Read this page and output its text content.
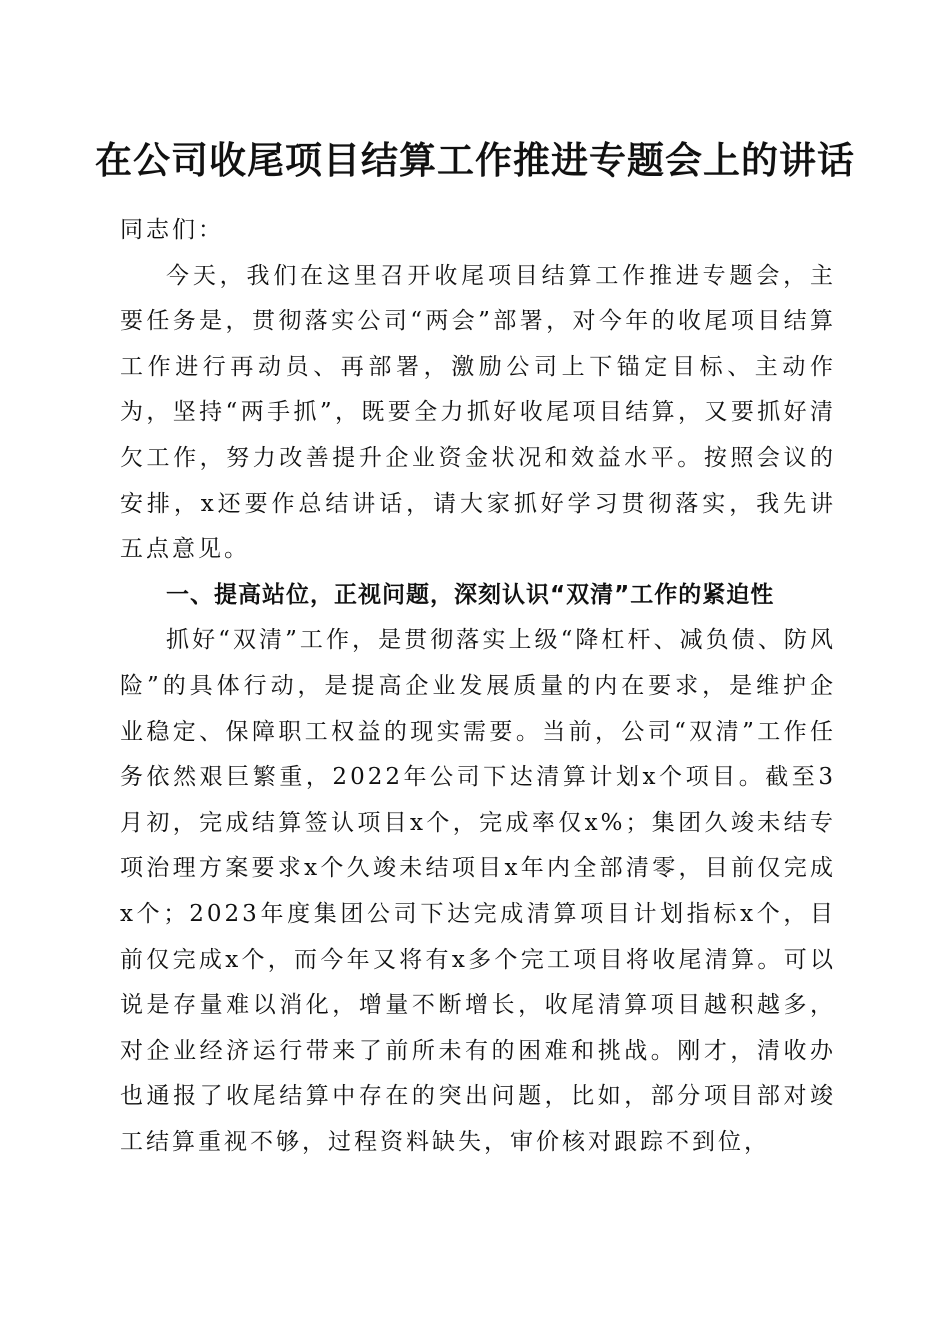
在公司收尾项目结算工作推进专题会上的讲话

同志们：

今天，我们在这里召开收尾项目结算工作推进专题会，主要任务是，贯彻落实公司“两会”部署，对今年的收尾项目结算工作进行再动员、再部署，激励公司上下锚定目标、主动作为，坚持“两手抓”，既要全力抓好收尾项目结算，又要抓好清欠工作，努力改善提升企业资金状况和效益水平。按照会议的安排，x还要作总结讲话，请大家抓好学习贯彻落实，我先讲五点意见。

一、提高站位，正视问题，深刻认识“双清”工作的紧迫性

抓好“双清”工作，是贯彻落实上级“降杠杆、减负债、防风险”的具体行动，是提高企业发展质量的内在要求，是维护企业稳定、保障职工权益的现实需要。当前，公司“双清”工作任务依然艰巨繁重，2022年公司下达清算计划x个项目。截至3月初，完成结算签认项目x个，完成率仅x%；集团久竣未结专项治理方案要求x个久竣未结项目x年内全部清零，目前仅完成x个；2023年度集团公司下达完成清算项目计划指标x个，目前仅完成x个，而今年又将有x多个完工项目将收尾清算。可以说是存量难以消化，增量不断增长，收尾清算项目越积越多，对企业经济运行带来了前所未有的困难和挑战。刚才，清收办也通报了收尾结算中存在的突出问题，比如，部分项目部对竣工结算重视不够，过程资料缺失，审价核对跟踪不到位，
